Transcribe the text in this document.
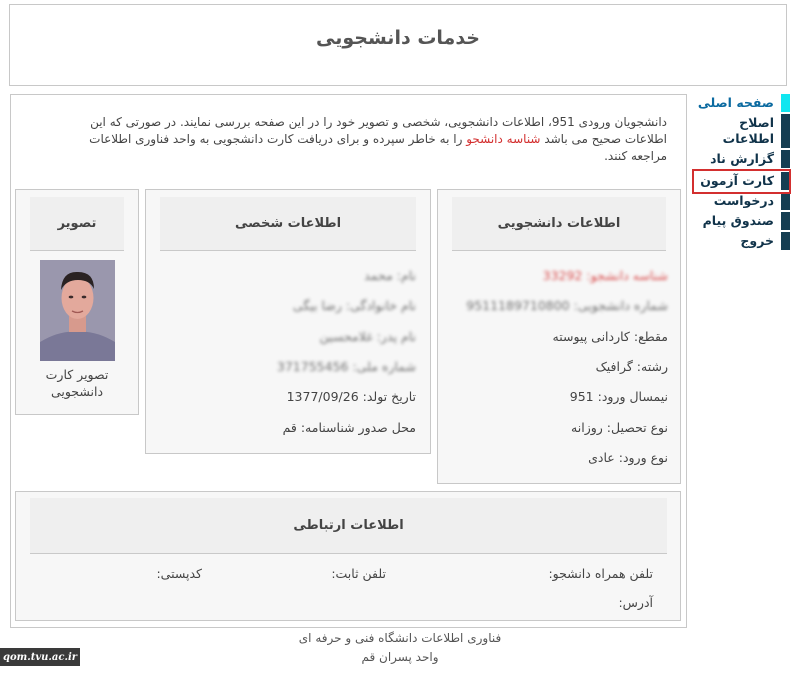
خدمات دانشجویی
صفحه اصلی
اصلاح اطلاعات
گزارش ناد
کارت آزمون
درخواست
صندوق پیام
خروج
دانشجویان ورودی 951، اطلاعات دانشجویی، شخصی و تصویر خود را در این صفحه بررسی نمایند. در صورتی که این
اطلاعات صحیح می باشد شناسه دانشجو را به خاطر سپرده و برای دریافت کارت دانشجویی به واحد فناوری اطلاعات
مراجعه کنند.
اطلاعات دانشجویی
شناسه دانشجو: 33292
شماره دانشجویی: 9511189710800
مقطع: کاردانی پیوسته
رشته: گرافیک
نیمسال ورود: 951
نوع تحصیل: روزانه
نوع ورود: عادی
اطلاعات شخصی
نام: محمد
نام خانوادگی: رضا بیگی
نام پدر: غلامحسین
شماره ملی: 371755456
تاریخ تولد: 1377/09/26
محل صدور شناسنامه: قم
تصویر
تصویر کارت
دانشجویی
اطلاعات ارتباطی
تلفن همراه دانشجو:
تلفن ثابت:
کدپستی:
آدرس:
فناوری اطلاعات دانشگاه فنی و حرفه ای
واحد پسران قم
qom.tvu.ac.ir
